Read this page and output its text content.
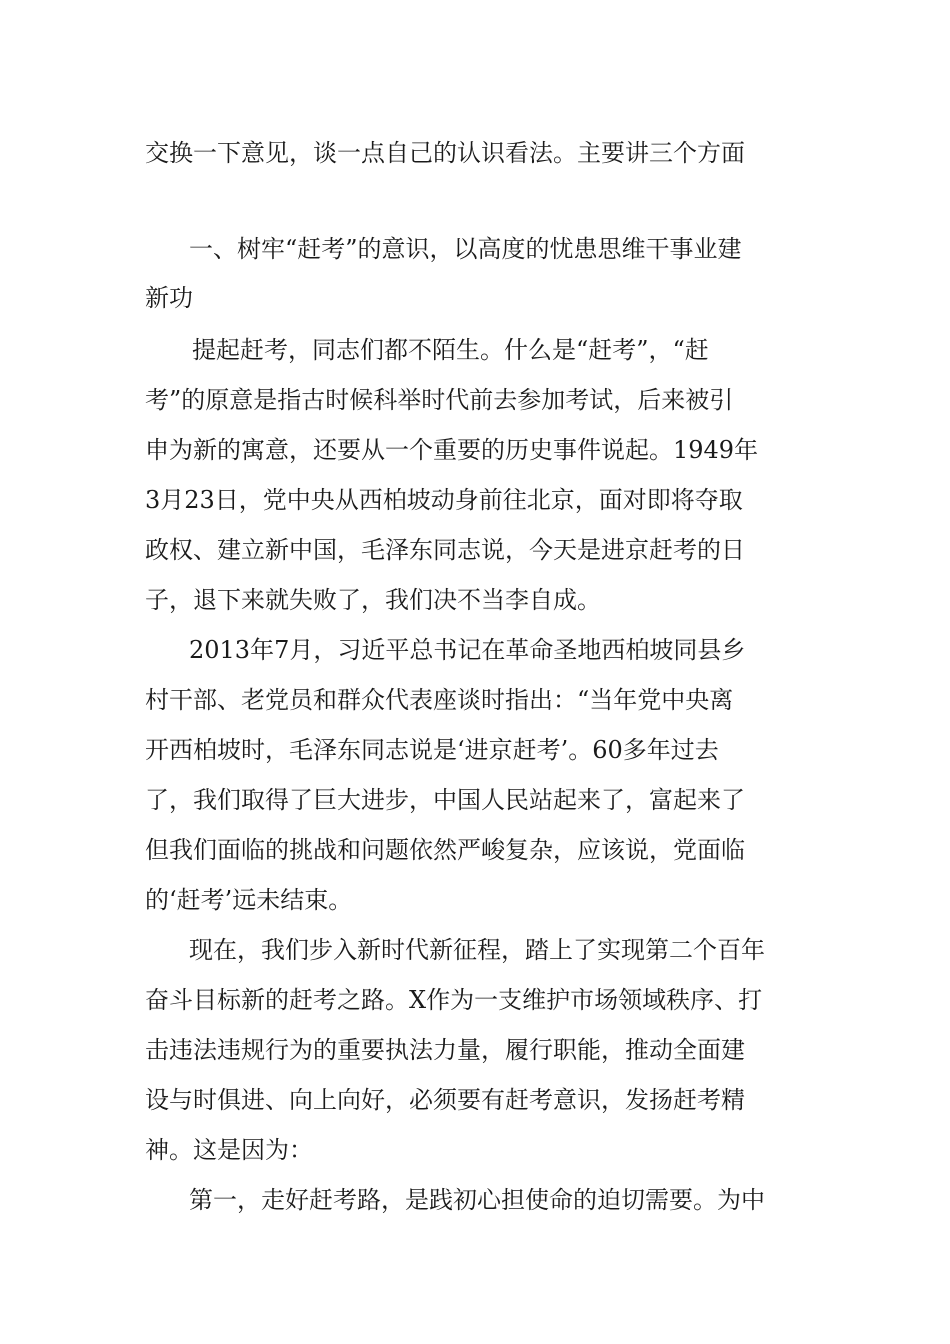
交换一下意见，谈一点自己的认识看法。主要讲三个方面
一、树牢“赶考”的意识，以高度的忧患思维干事业建
新功
提起赶考，同志们都不陌生。什么是“赶考”，“赶
考”的原意是指古时候科举时代前去参加考试，后来被引
申为新的寓意，还要从一个重要的历史事件说起。1949年
3月23日，党中央从西柏坡动身前往北京，面对即将夺取
政权、建立新中国，毛泽东同志说，今天是进京赶考的日
子，退下来就失败了，我们决不当李自成。
2013年7月，习近平总书记在革命圣地西柏坡同县乡
村干部、老党员和群众代表座谈时指出：“当年党中央离
开西柏坡时，毛泽东同志说是‘进京赶考’。60多年过去
了，我们取得了巨大进步，中国人民站起来了，富起来了
但我们面临的挑战和问题依然严峻复杂，应该说，党面临
的‘赶考’远未结束。
现在，我们步入新时代新征程，踏上了实现第二个百年
奋斗目标新的赶考之路。X作为一支维护市场领域秩序、打
击违法违规行为的重要执法力量，履行职能，推动全面建
设与时俱进、向上向好，必须要有赶考意识，发扬赶考精
神。这是因为：
第一，走好赶考路，是践初心担使命的迫切需要。为中
